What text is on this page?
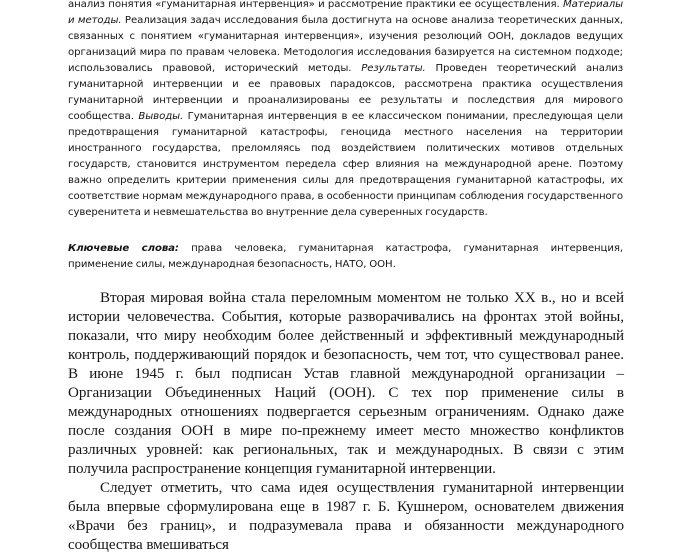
анализ понятия «гуманитарная интервенция» и рассмотрение практики ее осуществления. Материалы и методы. Реализация задач исследования была достигнута на основе анализа теоретических данных, связанных с понятием «гуманитарная интервенция», изучения резолюций ООН, докладов ведущих организаций мира по правам человека. Методология исследования базируется на системном подходе; использовались правовой, исторический методы. Результаты. Проведен теоретический анализ гуманитарной интервенции и ее правовых парадоксов, рассмотрена практика осуществления гуманитарной интервенции и проанализированы ее результаты и последствия для мирового сообщества. Выводы. Гуманитарная интервенция в ее классическом понимании, преследующая цели предотвращения гуманитарной катастрофы, геноцида местного населения на территории иностранного государства, преломляясь под воздействием политических мотивов отдельных государств, становится инструментом передела сфер влияния на международной арене. Поэтому важно определить критерии применения силы для предотвращения гуманитарной катастрофы, их соответствие нормам международного права, в особенности принципам соблюдения государственного суверенитета и невмешательства во внутренние дела суверенных государств.
Ключевые слова: права человека, гуманитарная катастрофа, гуманитарная интервенция, применение силы, международная безопасность, НАТО, ООН.

Вторая мировая война стала переломным моментом не только XX в., но и всей истории человечества. События, которые разворачивались на фронтах этой войны, показали, что миру необходим более действенный и эффективный международный контроль, поддерживающий порядок и безопасность, чем тот, что существовал ранее. В июне 1945 г. был подписан Устав главной международной организации – Организации Объединенных Наций (ООН). С тех пор применение силы в международных отношениях подвергается серьезным ограничениям. Однако даже после создания ООН в мире по-прежнему имеет место множество конфликтов различных уровней: как региональных, так и международных. В связи с этим получила распространение концепция гуманитарной интервенции.

Следует отметить, что сама идея осуществления гуманитарной интервенции была впервые сформулирована еще в 1987 г. Б. Кушнером, основателем движения «Врачи без границ», и подразумевала права и обязанности международного сообщества вмешиваться
